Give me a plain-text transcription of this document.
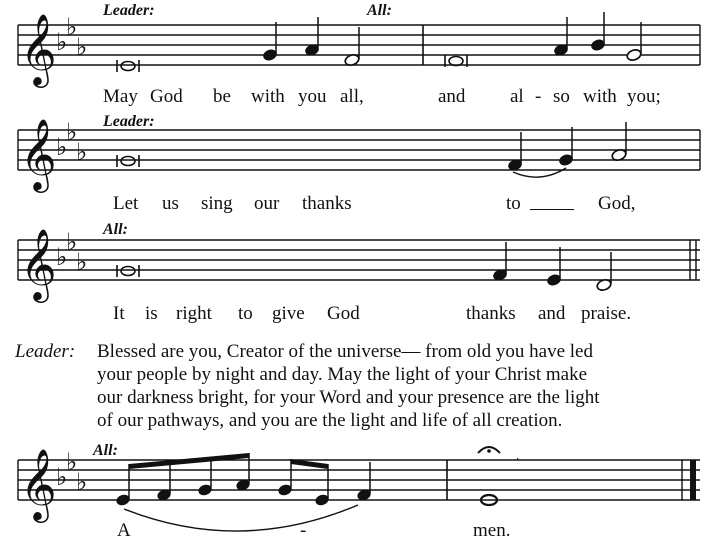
Leader:	All:
𝄞 ♭
♭
♭
May God be with you all,	and al - so with you;
Leader:
𝄞 ♭
♭
♭
Let us sing our thanks	to	God,
All:
𝄞 ♭
♭
♭
It is right to give God	thanks and praise.
Leader: Blessed are you, Creator of the universe— from old you have led
your people by night and day. May the light of your Christ make
our darkness bright, for your Word and your presence are the light
of our pathways, and you are the light and life of all creation.
All:
𝄞 ♭
♭
♭
A	-	men.
